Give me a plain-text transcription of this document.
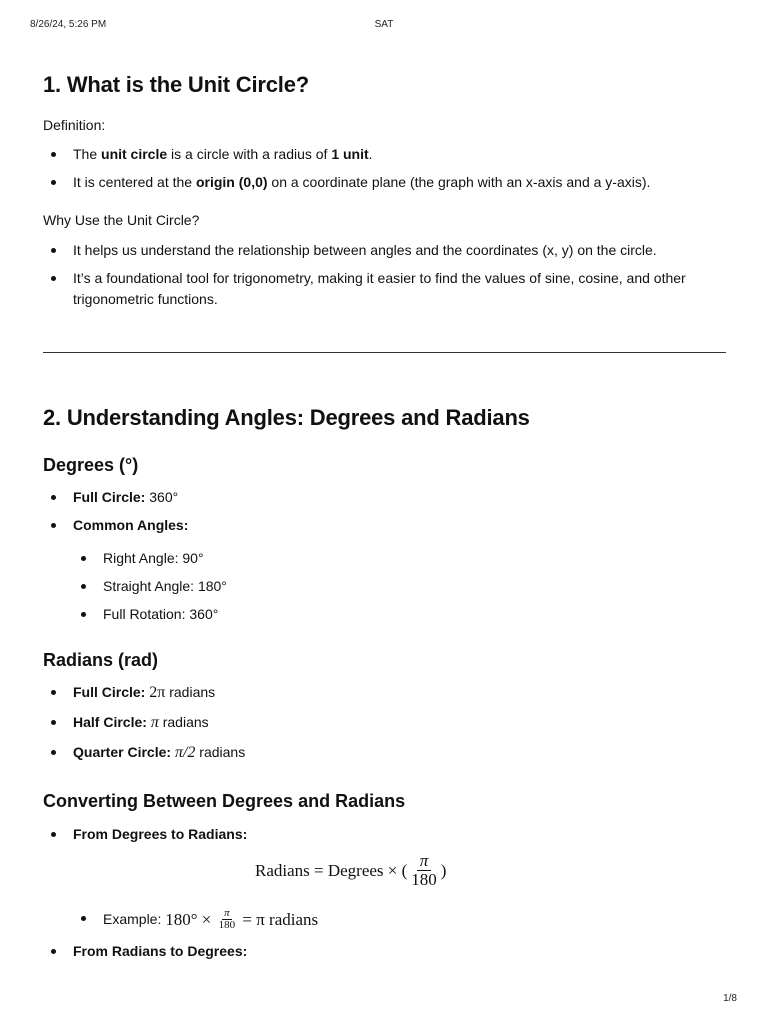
8/26/24, 5:26 PM	SAT
1. What is the Unit Circle?
Definition:
The unit circle is a circle with a radius of 1 unit.
It is centered at the origin (0,0) on a coordinate plane (the graph with an x-axis and a y-axis).
Why Use the Unit Circle?
It helps us understand the relationship between angles and the coordinates (x, y) on the circle.
It’s a foundational tool for trigonometry, making it easier to find the values of sine, cosine, and other trigonometric functions.
2. Understanding Angles: Degrees and Radians
Degrees (°)
Full Circle: 360°
Common Angles:
Right Angle: 90°
Straight Angle: 180°
Full Rotation: 360°
Radians (rad)
Full Circle: 2π radians
Half Circle: π radians
Quarter Circle: π/2 radians
Converting Between Degrees and Radians
From Degrees to Radians:
Radians = Degrees × ( $\frac{\pi}{180}$ )
Example: $180^\circ \times \frac{\pi}{180} = \pi$ radians
From Radians to Degrees:
1/8
